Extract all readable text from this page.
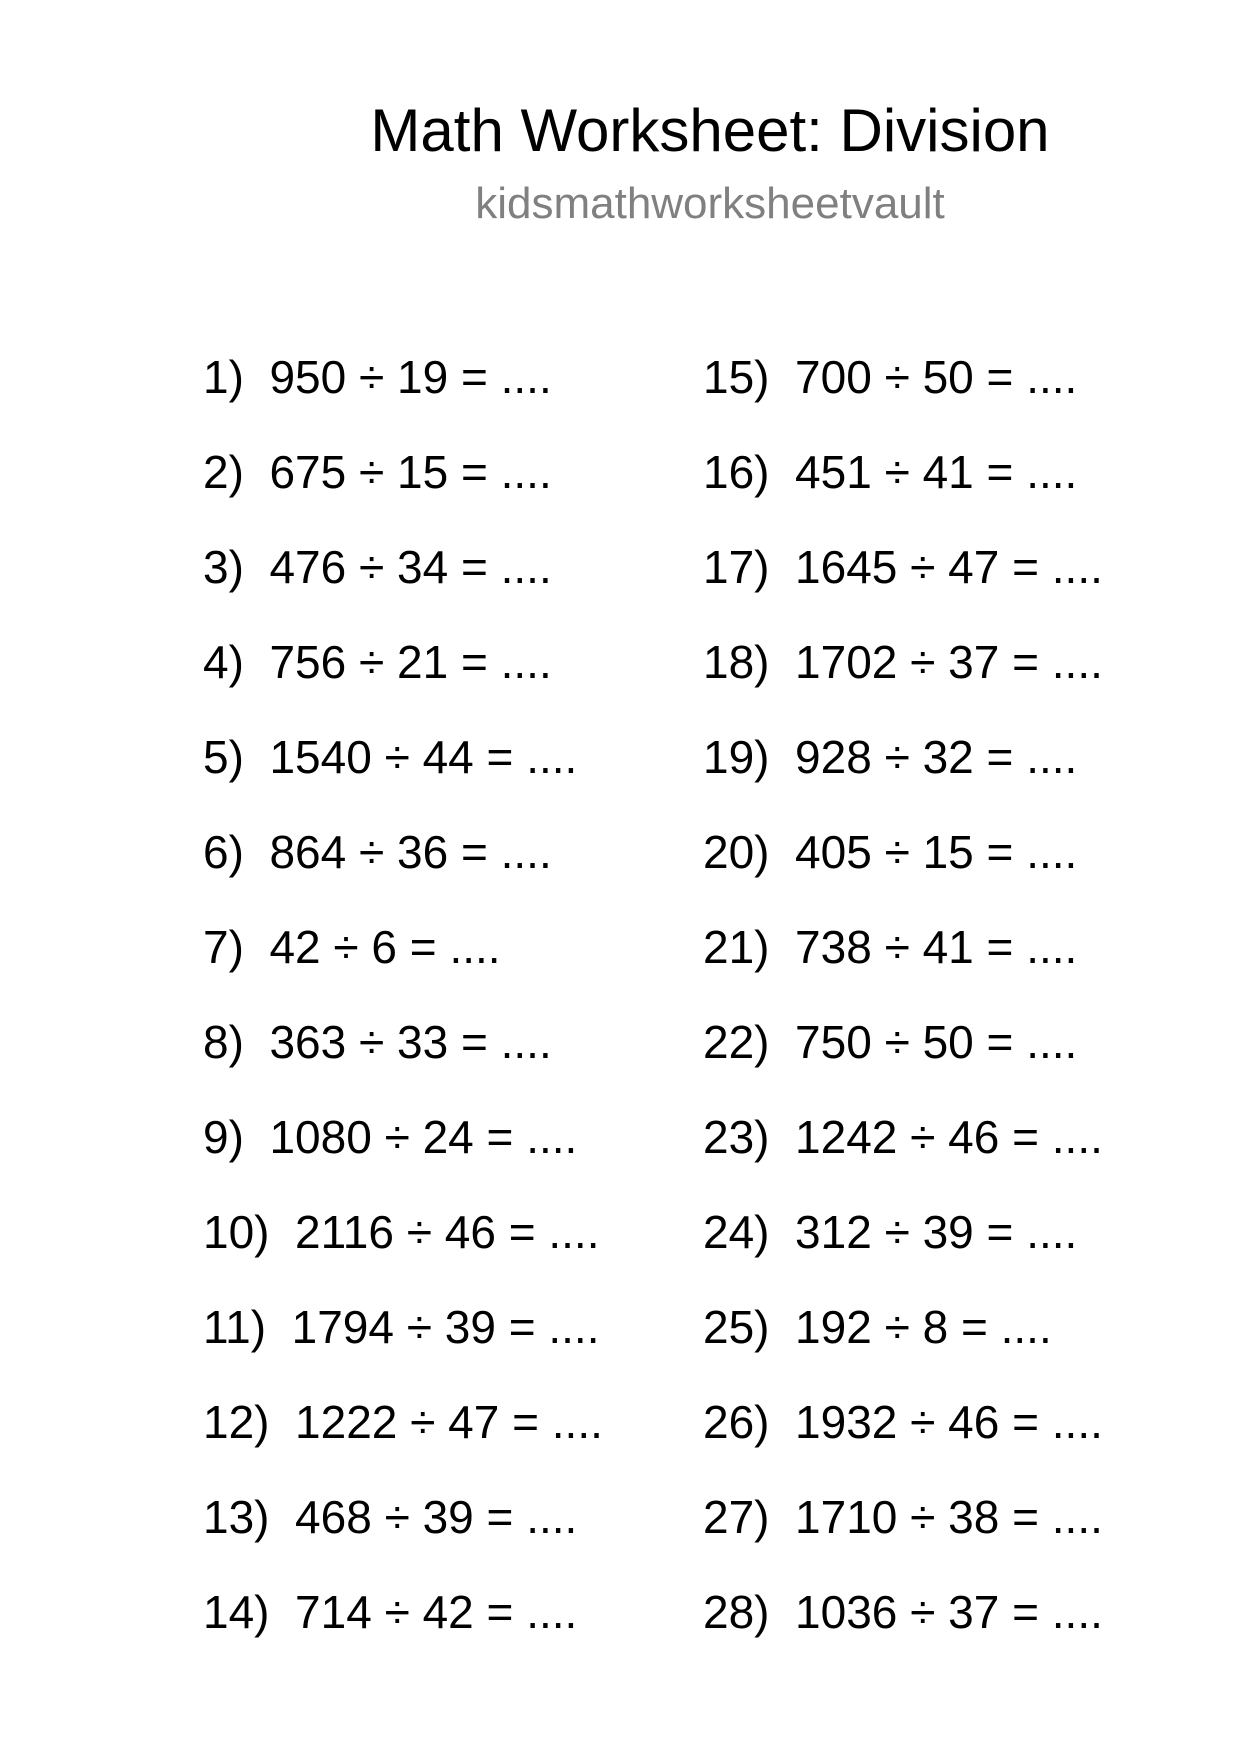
Math Worksheet: Division
kidsmathworksheetvault
1)  950 ÷ 19 = ....
2)  675 ÷ 15 = ....
3)  476 ÷ 34 = ....
4)  756 ÷ 21 = ....
5)  1540 ÷ 44 = ....
6)  864 ÷ 36 = ....
7)  42 ÷ 6 = ....
8)  363 ÷ 33 = ....
9)  1080 ÷ 24 = ....
10)  2116 ÷ 46 = ....
11)  1794 ÷ 39 = ....
12)  1222 ÷ 47 = ....
13)  468 ÷ 39 = ....
14)  714 ÷ 42 = ....
15)  700 ÷ 50 = ....
16)  451 ÷ 41 = ....
17)  1645 ÷ 47 = ....
18)  1702 ÷ 37 = ....
19)  928 ÷ 32 = ....
20)  405 ÷ 15 = ....
21)  738 ÷ 41 = ....
22)  750 ÷ 50 = ....
23)  1242 ÷ 46 = ....
24)  312 ÷ 39 = ....
25)  192 ÷ 8 = ....
26)  1932 ÷ 46 = ....
27)  1710 ÷ 38 = ....
28)  1036 ÷ 37 = ....
